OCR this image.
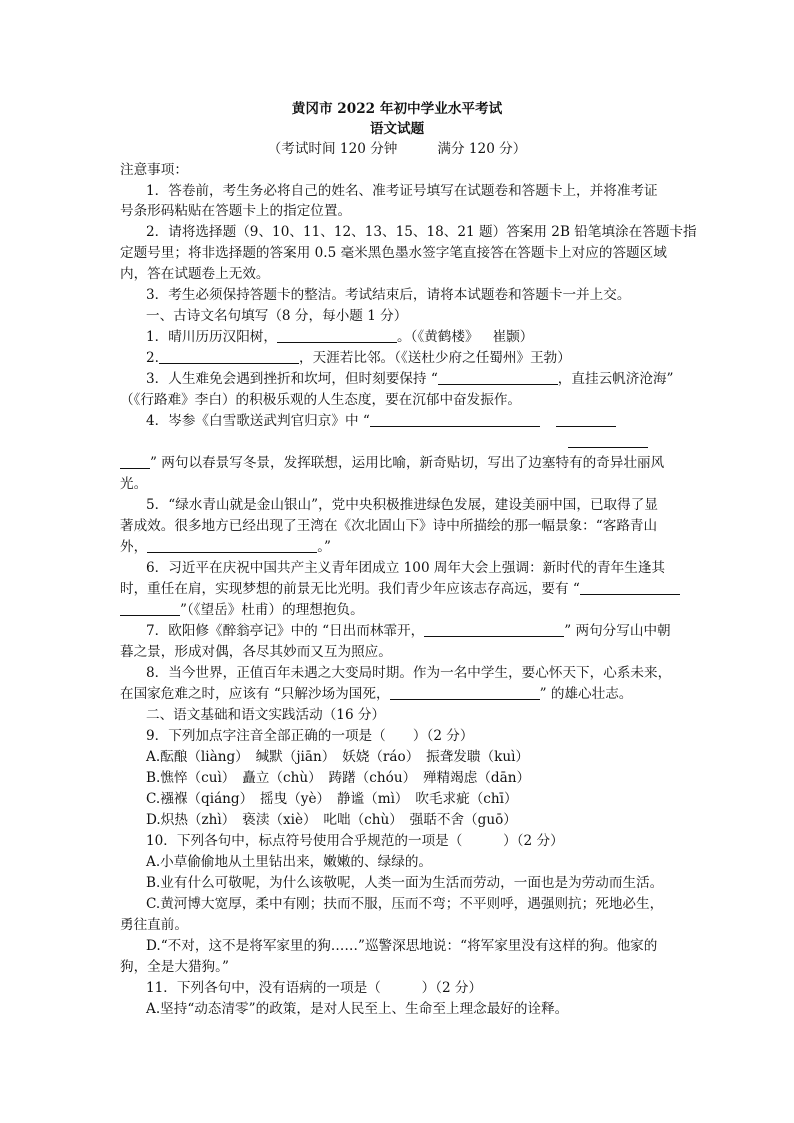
黄冈市 2022 年初中学业水平考试
语文试题
（考试时间 120 分钟	满分 120 分）
注意事项：
1．答卷前，考生务必将自己的姓名、准考证号填写在试题卷和答题卡上，并将准考证
号条形码粘贴在答题卡上的指定位置。
2．请将选择题（9、10、11、12、13、15、18、21 题）答案用 2B 铅笔填涂在答题卡指
定题号里；将非选择题的答案用 0.5 毫米黑色墨水签字笔直接答在答题卡上对应的答题区域
内，答在试题卷上无效。
3．考生必须保持答题卡的整洁。考试结束后，请将本试题卷和答题卡一并上交。
一、古诗文名句填写（8 分，每小题 1 分）
1．晴川历历汉阳树，	。（《黄鹤楼》 崔颢）
2.	，天涯若比邻。（《送杜少府之任蜀州》王勃）
3．人生难免会遇到挫折和坎坷，但时刻要保持 “	，直挂云帆济沧海”
（《行路难》李白）的积极乐观的人生态度，要在沉郁中奋发振作。
4．岑参《白雪歌送武判官归京》中 “
” 两句以春景写冬景，发挥联想，运用比喻，新奇贴切，写出了边塞特有的奇异壮丽风
光。
5．“绿水青山就是金山银山”，党中央积极推进绿色发展，建设美丽中国，已取得了显
著成效。很多地方已经出现了王湾在《次北固山下》诗中所描绘的那一幅景象：“客路青山
外，	。”
6．习近平在庆祝中国共产主义青年团成立 100 周年大会上强调：新时代的青年生逢其
时，重任在肩，实现梦想的前景无比光明。我们青少年应该志存高远，要有 “
”（《望岳》杜甫）的理想抱负。
7．欧阳修《醉翁亭记》中的 “日出而林霏开，	” 两句分写山中朝
暮之景，形成对偶，各尽其妙而又互为照应。
8．当今世界，正值百年未遇之大变局时期。作为一名中学生，要心怀天下，心系未来，
在国家危难之时，应该有 “只解沙场为国死，	” 的雄心壮志。
二、语文基础和语文实践活动（16 分）
9．下列加点字注音全部正确的一项是（　　）（2 分）
A.酝酿（liàng）　缄默（jiān）　妖娆（ráo）　振聋发聩（kuì）
B.憔悴（cuì）　矗立（chù）　踌躇（chóu）　殚精竭虑（dān）
C.襁褓（qiáng）　摇曳（yè）　静谧（mì）　吹毛求疵（chī）
D.炽热（zhì）　亵渎（xiè）　叱咄（chù）　强聒不舍（guō）
10．下列各句中，标点符号使用合乎规范的一项是（　　　）（2 分）
A.小草偷偷地从土里钻出来，嫩嫩的、绿绿的。
B.业有什么可敬呢，为什么该敬呢，人类一面为生活而劳动，一面也是为劳动而生活。
C.黄河博大宽厚，柔中有刚；扶而不服，压而不弯；不平则呼，遇强则抗；死地必生，
勇往直前。
D.“不对，这不是将军家里的狗……”巡警深思地说：“将军家里没有这样的狗。他家的
狗，全是大猎狗。”
11．下列各句中，没有语病的一项是（　　　）（2 分）
A.坚持“动态清零”的政策，是对人民至上、生命至上理念最好的诠释。
